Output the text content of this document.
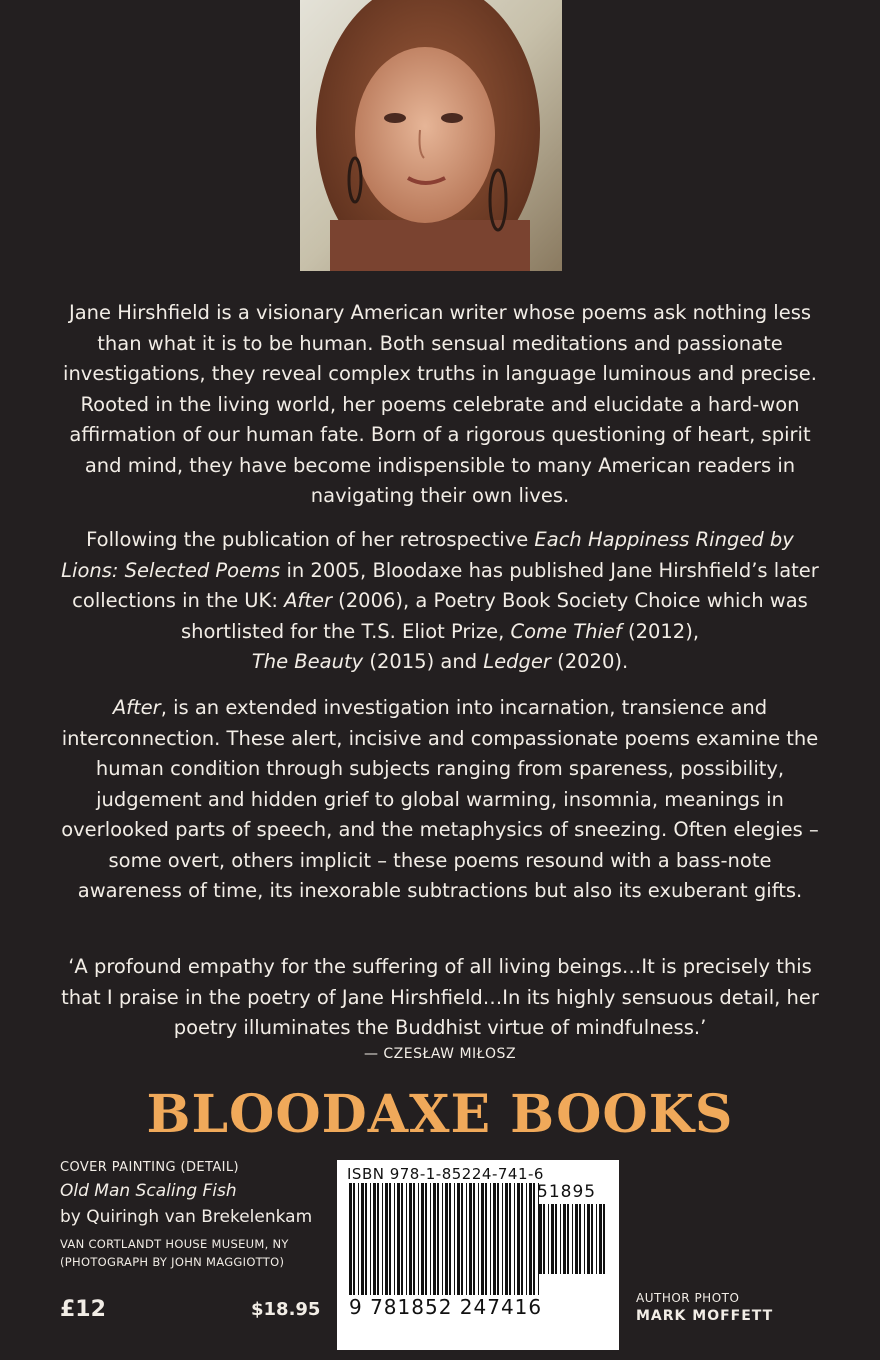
Jane Hirshfield is a visionary American writer whose poems ask nothing less than what it is to be human. Both sensual meditations and passionate investigations, they reveal complex truths in language luminous and precise. Rooted in the living world, her poems celebrate and elucidate a hard-won affirmation of our human fate. Born of a rigorous questioning of heart, spirit and mind, they have become indispensible to many American readers in navigating their own lives.

Following the publication of her retrospective Each Happiness Ringed by Lions: Selected Poems in 2005, Bloodaxe has published Jane Hirshfield’s later collections in the UK: After (2006), a Poetry Book Society Choice which was shortlisted for the T.S. Eliot Prize, Come Thief (2012),
The Beauty (2015) and Ledger (2020).

After, is an extended investigation into incarnation, transience and interconnection. These alert, incisive and compassionate poems examine the human condition through subjects ranging from spareness, possibility, judgement and hidden grief to global warming, insomnia, meanings in overlooked parts of speech, and the metaphysics of sneezing. Often elegies – some overt, others implicit – these poems resound with a bass-note awareness of time, its inexorable subtractions but also its exuberant gifts.

‘A profound empathy for the suffering of all living beings…It is precisely this that I praise in the poetry of Jane Hirshfield…In its highly sensuous detail, her poetry illuminates the Buddhist virtue of mindfulness.’

— CZESŁAW MIŁOSZ
BLOODAXE BOOKS
COVER PAINTING (DETAIL)
Old Man Scaling Fish
by Quiringh van Brekelenkam
VAN CORTLANDT HOUSE MUSEUM, NY
(PHOTOGRAPH BY JOHN MAGGIOTTO)
£12	$18.95
ISBN 978-1-85224-741-6
51895
9 781852 247416	AUTHOR PHOTO
MARK MOFFETT
